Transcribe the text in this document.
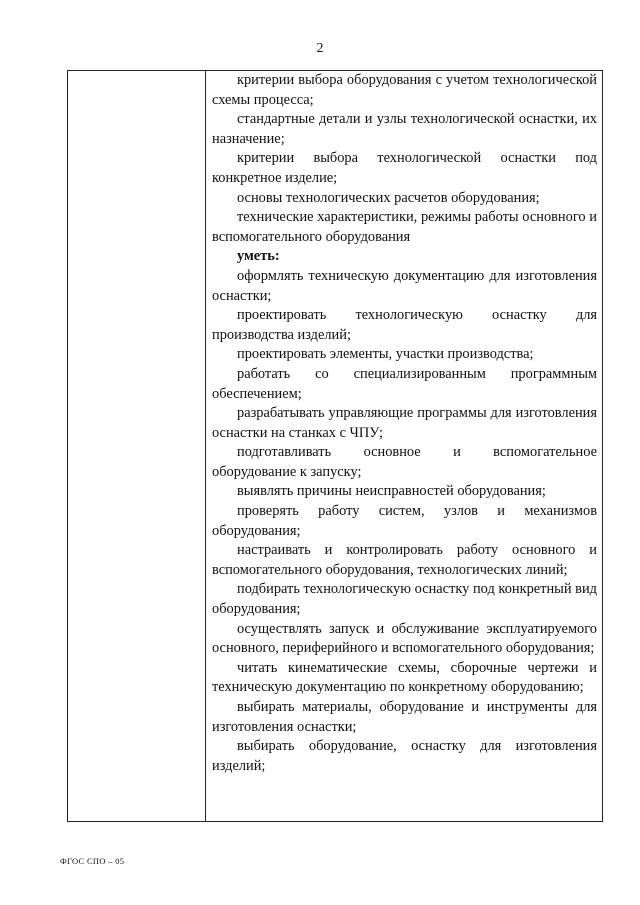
2

критерии выбора оборудования с учетом технологической схемы процесса;

стандартные детали и узлы технологической оснастки, их назначение;

критерии выбора технологической оснастки под конкретное изделие;

основы технологических расчетов оборудования;

технические характеристики, режимы работы основного и вспомогательного оборудования

уметь:

оформлять техническую документацию для изготовления оснастки;

проектировать технологическую оснастку для производства изделий;

проектировать элементы, участки производства;

работать со специализированным программным обеспечением;

разрабатывать управляющие программы для изготовления оснастки на станках с ЧПУ;

подготавливать основное и вспомогательное оборудование к запуску;

выявлять причины неисправностей оборудования;

проверять работу систем, узлов и механизмов оборудования;

настраивать и контролировать работу основного и вспомогательного оборудования, технологических линий;

подбирать технологическую оснастку под конкретный вид оборудования;

осуществлять запуск и обслуживание эксплуатируемого основного, периферийного и вспомогательного оборудования;

читать кинематические схемы, сборочные чертежи и техническую документацию по конкретному оборудованию;

выбирать материалы, оборудование и инструменты для изготовления оснастки;

выбирать оборудование, оснастку для изготовления изделий;

ФГОС СПО – 05
